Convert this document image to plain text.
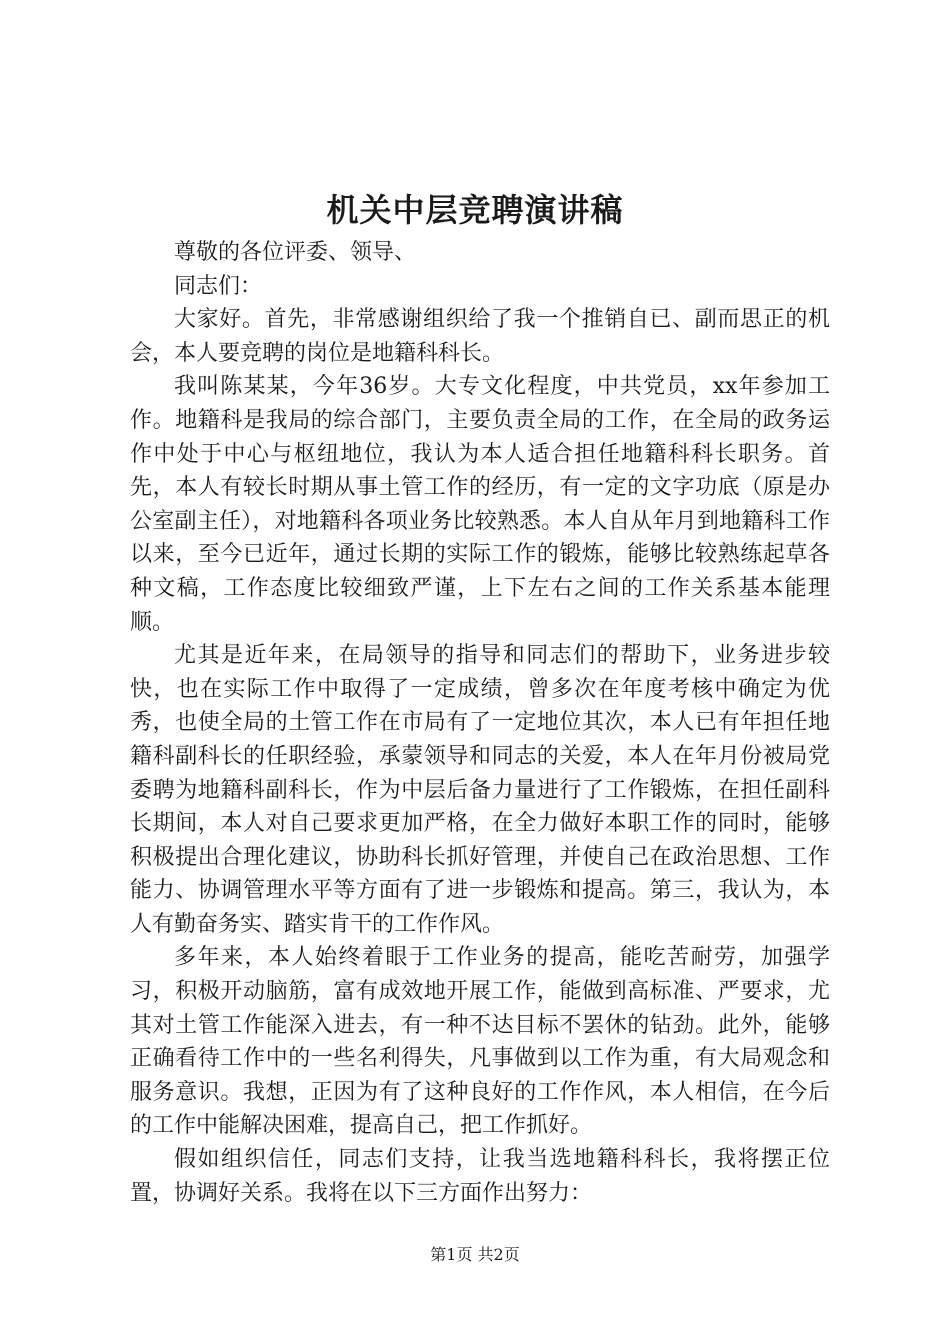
机关中层竞聘演讲稿

尊敬的各位评委、领导、

同志们：

大家好。首先，非常感谢组织给了我一个推销自已、副而思正的机会，本人要竞聘的岗位是地籍科科长。

我叫陈某某，今年36岁。大专文化程度，中共党员，xx年参加工作。地籍科是我局的综合部门，主要负责全局的工作，在全局的政务运作中处于中心与枢纽地位，我认为本人适合担任地籍科科长职务。首先，本人有较长时期从事土管工作的经历，有一定的文字功底（原是办公室副主任），对地籍科各项业务比较熟悉。本人自从年月到地籍科工作以来，至今已近年，通过长期的实际工作的锻炼，能够比较熟练起草各种文稿，工作态度比较细致严谨，上下左右之间的工作关系基本能理顺。

尤其是近年来，在局领导的指导和同志们的帮助下，业务进步较快，也在实际工作中取得了一定成绩，曾多次在年度考核中确定为优秀，也使全局的土管工作在市局有了一定地位其次，本人已有年担任地籍科副科长的任职经验，承蒙领导和同志的关爱，本人在年月份被局党委聘为地籍科副科长，作为中层后备力量进行了工作锻炼，在担任副科长期间，本人对自己要求更加严格，在全力做好本职工作的同时，能够积极提出合理化建议，协助科长抓好管理，并使自己在政治思想、工作能力、协调管理水平等方面有了进一步锻炼和提高。第三，我认为，本人有勤奋务实、踏实肯干的工作作风。

多年来，本人始终着眼于工作业务的提高，能吃苦耐劳，加强学习，积极开动脑筋，富有成效地开展工作，能做到高标准、严要求，尤其对土管工作能深入进去，有一种不达目标不罢休的钻劲。此外，能够正确看待工作中的一些名利得失，凡事做到以工作为重，有大局观念和服务意识。我想，正因为有了这种良好的工作作风，本人相信，在今后的工作中能解决困难，提高自己，把工作抓好。

假如组织信任，同志们支持，让我当选地籍科科长，我将摆正位置，协调好关系。我将在以下三方面作出努力：

第1页 共2页
